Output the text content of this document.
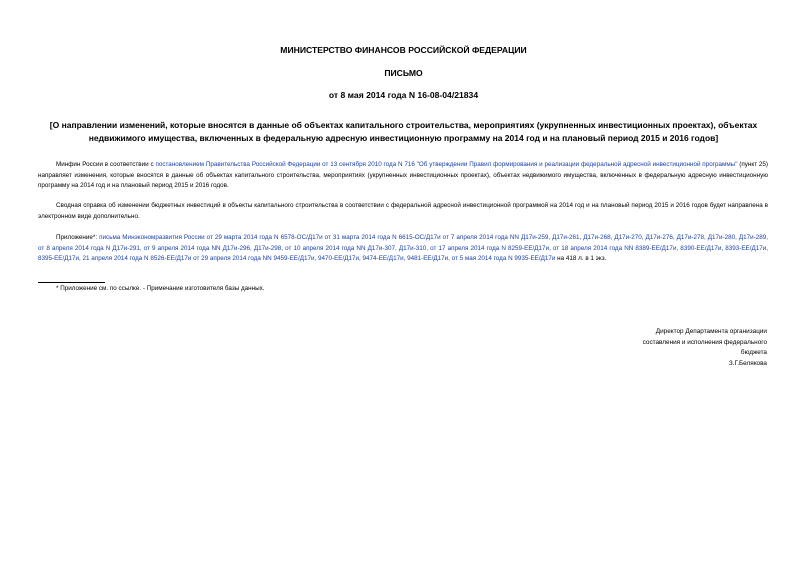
МИНИСТЕРСТВО ФИНАНСОВ РОССИЙСКОЙ ФЕДЕРАЦИИ
ПИСЬМО
от 8 мая 2014 года N 16-08-04/21834
[О направлении изменений, которые вносятся в данные об объектах капитального строительства, мероприятиях (укрупненных инвестиционных проектах), объектах недвижимого имущества, включенных в федеральную адресную инвестиционную программу на 2014 год и на плановый период 2015 и 2016 годов]
Минфин России в соответствии с постановлением Правительства Российской Федерации от 13 сентября 2010 года N 716 "Об утверждении Правил формирования и реализации федеральной адресной инвестиционной программы" (пункт 25) направляет изменения, которые вносятся в данные об объектах капитального строительства, мероприятиях (укрупненных инвестиционных проектах), объектах недвижимого имущества, включенных в федеральную адресную инвестиционную программу на 2014 год и на плановый период 2015 и 2016 годов.
Сводная справка об изменении бюджетных инвестиций в объекты капитального строительства в соответствии с федеральной адресной инвестиционной программой на 2014 год и на плановый период 2015 и 2016 годов будет направлена в электронном виде дополнительно.
Приложение*: письма Минэкономразвития России от 29 марта 2014 года N 6578-ОС/Д17и от 31 марта 2014 года N 6615-ОС/Д17и от 7 апреля 2014 года NN Д17и-259, Д17и-261, Д17и-268, Д17и-270, Д17и-276, Д17и-278, Д17и-280, Д17и-289, от 8 апреля 2014 года N Д17и-291, от 9 апреля 2014 года NN Д17и-296, Д17и-298, от 10 апреля 2014 года NN Д17и-307, Д17и-310, от 17 апреля 2014 года N 8259-ЕЕ/Д17и, от 18 апреля 2014 года NN 8389-ЕЕ/Д17и, 8390-ЕЕ/Д17и, 8393-ЕЕ/Д17и, 8395-ЕЕ/Д17и, 21 апреля 2014 года N 8526-ЕЕ/Д17и от 29 апреля 2014 года NN 9459-ЕЕ/Д17и, 9470-ЕЕ/Д17и, 9474-ЕЕ/Д17и, 9481-ЕЕ/Д17и, от 5 мая 2014 года N 9935-ЕЕ/Д17и на 418 л. в 1 экз.
* Приложение см. по ссылке. - Примечание изготовителя базы данных.
Директор Департамента организации
составления и исполнения федерального
бюджета
З.Г.Белякова
